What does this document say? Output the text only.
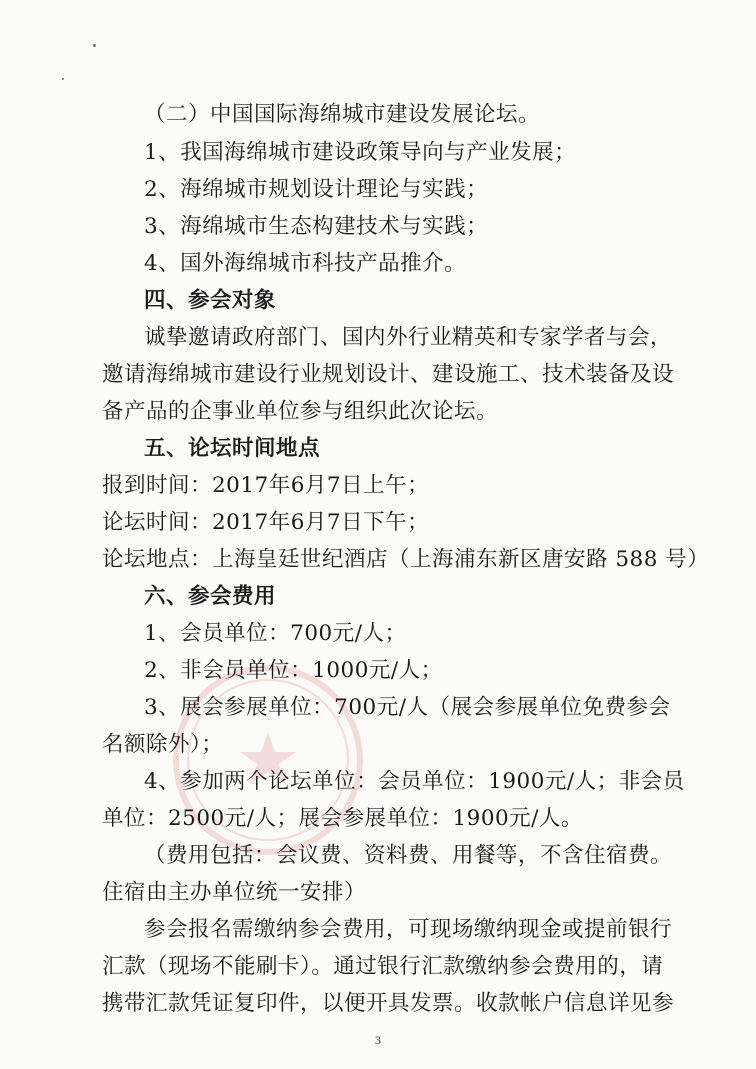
（二）中国国际海绵城市建设发展论坛。
1、我国海绵城市建设政策导向与产业发展；
2、海绵城市规划设计理论与实践；
3、海绵城市生态构建技术与实践；
4、国外海绵城市科技产品推介。
四、参会对象
诚挚邀请政府部门、国内外行业精英和专家学者与会，
邀请海绵城市建设行业规划设计、建设施工、技术装备及设
备产品的企事业单位参与组织此次论坛。
五、论坛时间地点
报到时间：2017年6月7日上午；
论坛时间：2017年6月7日下午；
论坛地点：上海皇廷世纪酒店（上海浦东新区唐安路 588 号）
六、参会费用
1、会员单位：700元/人；
2、非会员单位：1000元/人；
3、展会参展单位：700元/人（展会参展单位免费参会
名额除外）；
4、参加两个论坛单位：会员单位：1900元/人；非会员
单位：2500元/人；展会参展单位：1900元/人。
（费用包括：会议费、资料费、用餐等，不含住宿费。
住宿由主办单位统一安排）
参会报名需缴纳参会费用，可现场缴纳现金或提前银行
汇款（现场不能刷卡）。通过银行汇款缴纳参会费用的，请
携带汇款凭证复印件，以便开具发票。收款帐户信息详见参
3
